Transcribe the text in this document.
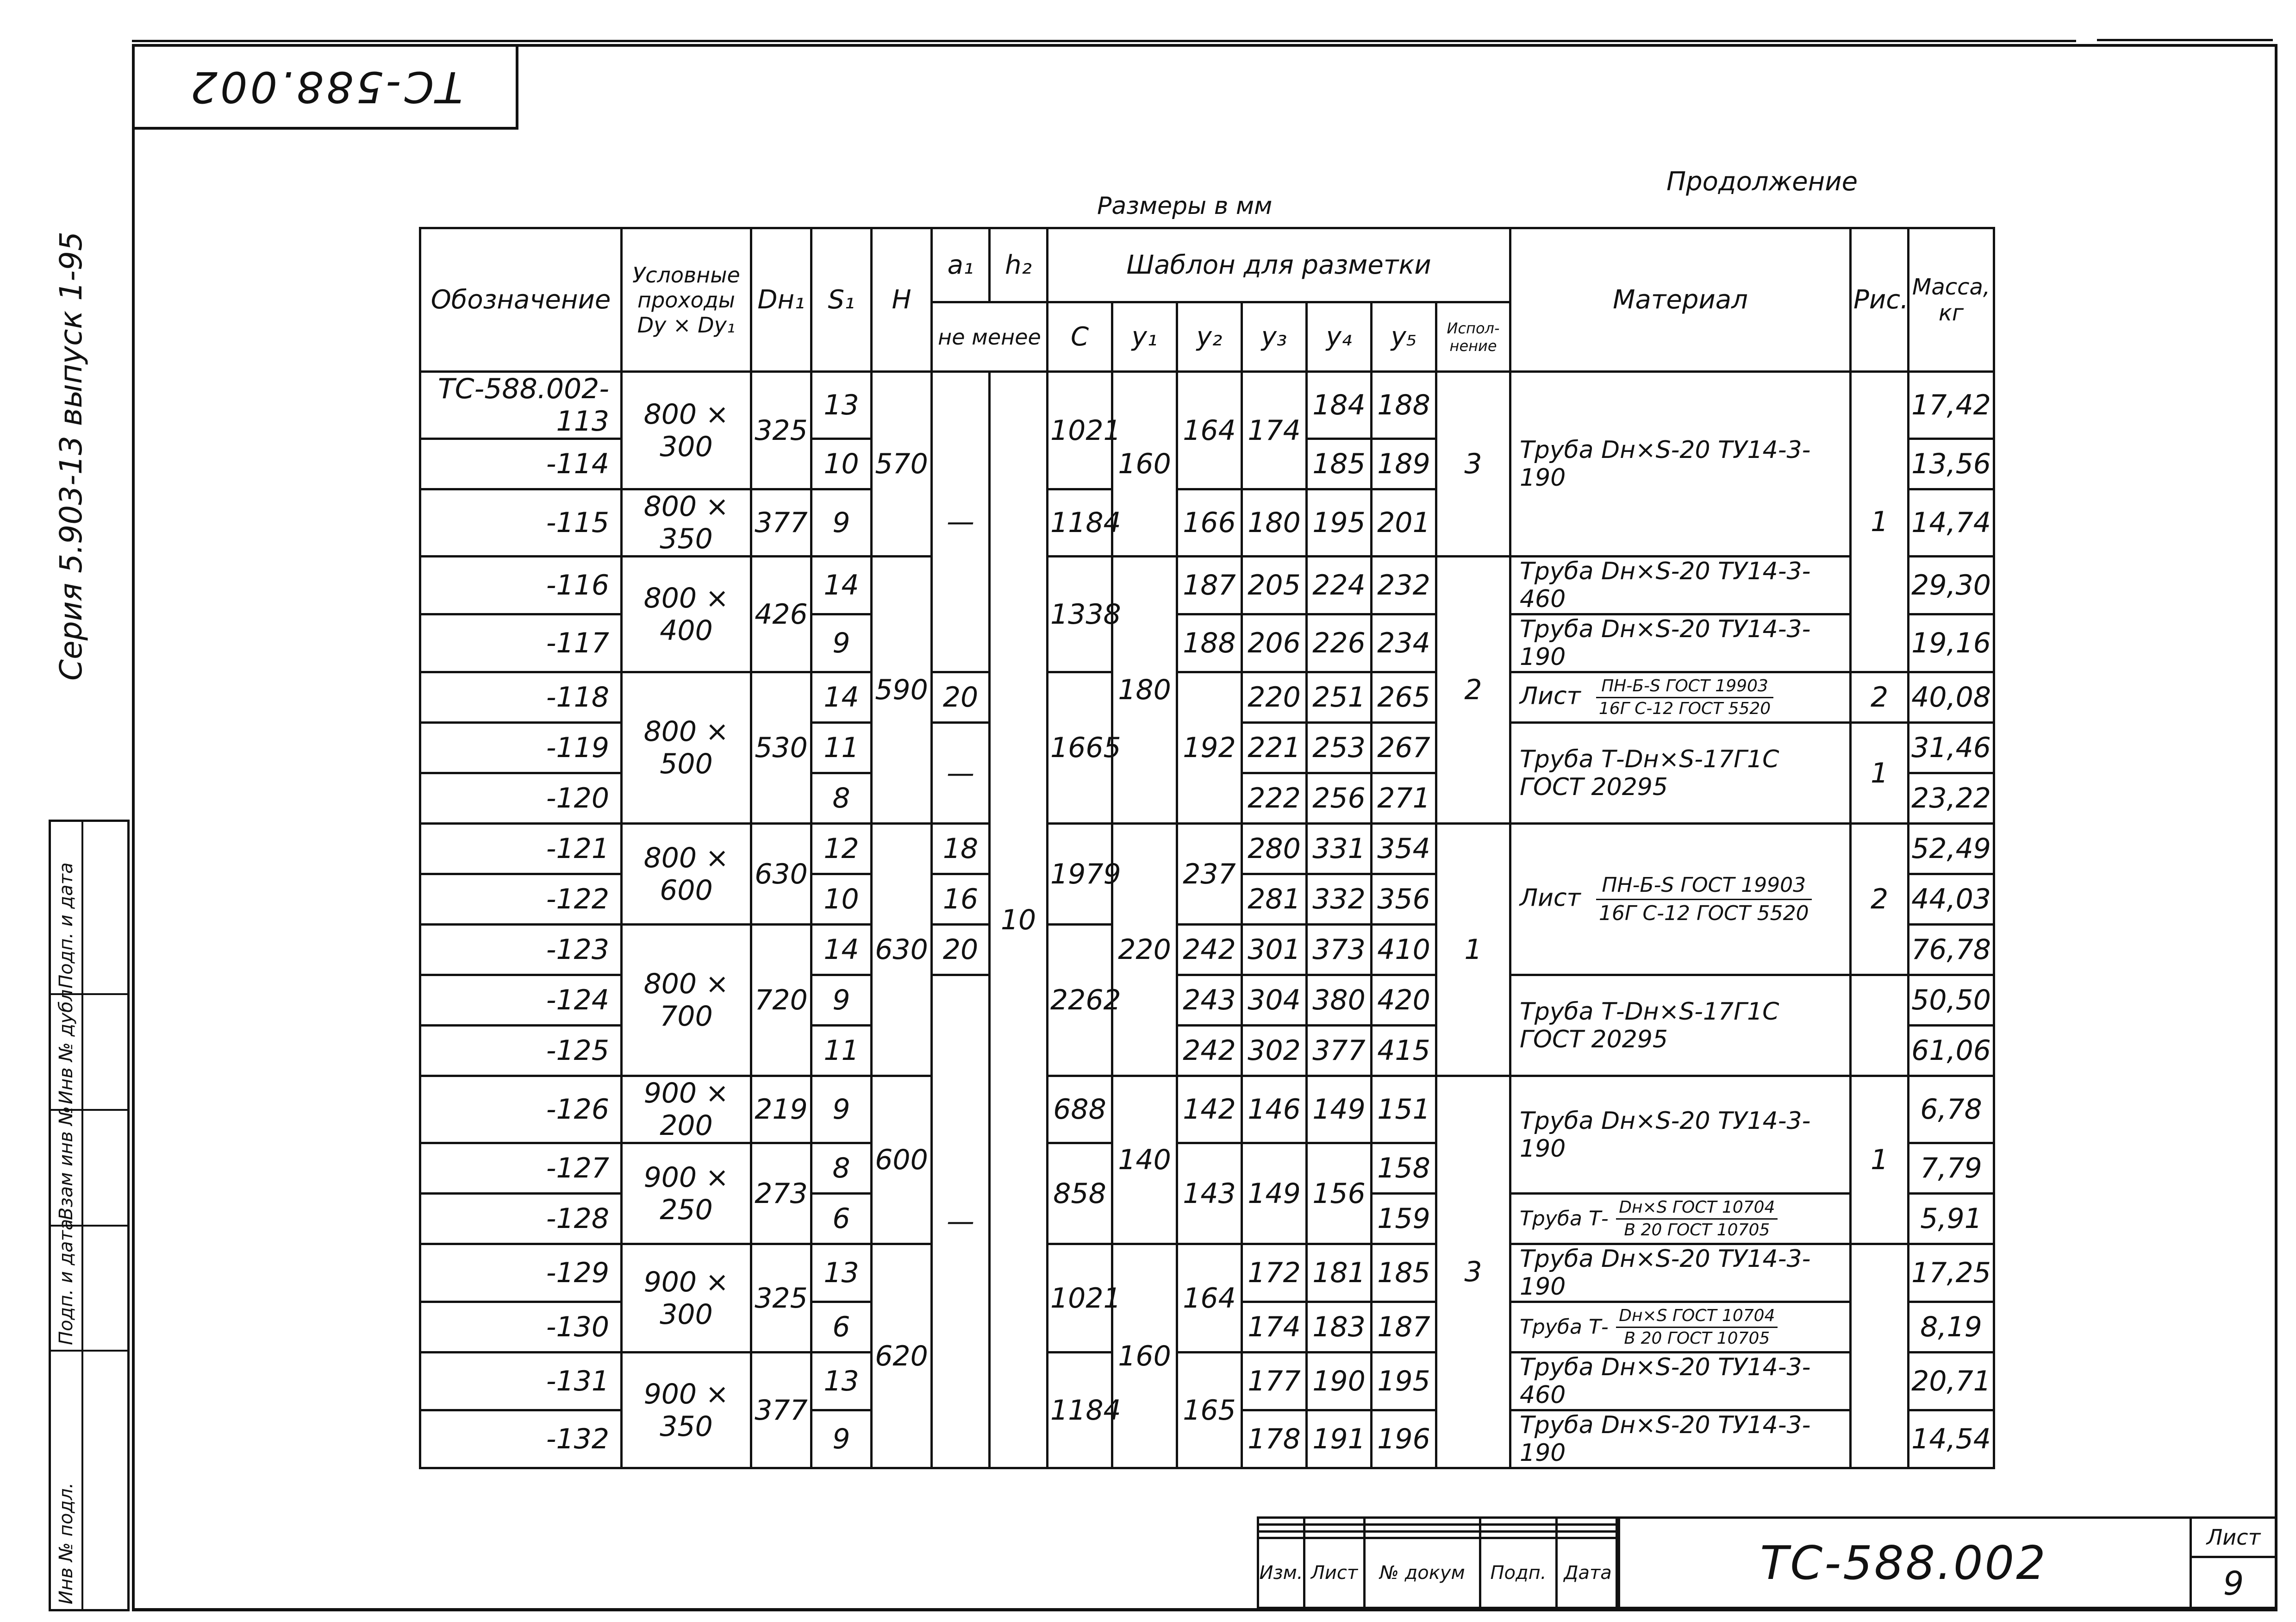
ТС-588.002
Серия 5.903-13 выпуск 1-95
Инв № подл.
Подп. и дата
Взам инв №
Инв № дубл
Подп. и дата
Продолжение
Размеры в мм
Обозначение	Условные проходы Dу × Dу₁	Dн₁	S₁	H	a₁	h₂	Шаблон для разметки							Материал	Рис.	Масса, кг
					не менее		C	y₁	y₂	y₃	y₄	y₅	Испол-нение			
ТС-588.002-113	800 × 300	325	13	570	—	10	1021	160	164	174	184	188	3	Труба Dн×S-20 ТУ14-3-190	1	17,42
-114			10								185	189				13,56
-115	800 × 350	377	9				1184		166	180	195	201				14,74
-116	800 × 400	426	14	590			1338	180	187	205	224	232	2	Труба Dн×S-20 ТУ14-3-460		29,30
-117			9						188	206	226	234		Труба Dн×S-20 ТУ14-3-190		19,16
-118	800 × 500	530	14		20		1665		192	220	251	265		Лист $\frac{\text{ПН-Б-S ГОСТ 19903}}{\text{16Г С-12 ГОСТ 5520}}$	2	40,08
-119			11		—					221	253	267		Труба Т-Dн×S-17Г1С ГОСТ 20295	1	31,46
-120			8							222	256	271				23,22
-121	800 × 600	630	12	630	18		1979	220	237	280	331	354	1	Лист $\frac{\text{ПН-Б-S ГОСТ 19903}}{\text{16Г С-12 ГОСТ 5520}}$	2	52,49
-122			10		16					281	332	356				44,03
-123	800 × 700	720	14		20		2262		242	301	373	410				76,78
-124			9		—				243	304	380	420		Труба Т-Dн×S-17Г1С ГОСТ 20295		50,50
-125			11						242	302	377	415				61,06
-126	900 × 200	219	9	600			688	140	142	146	149	151	3	Труба Dн×S-20 ТУ14-3-190	1	6,78
-127	900 × 250	273	8				858		143	149	156	158				7,79
-128			6									159		Труба $Т- \frac{\text{Dн×S ГОСТ 10704}}{\text{В 20 ГОСТ 10705}}$		5,91
-129	900 × 300	325	13	620			1021	160	164	172	181	185		Труба Dн×S-20 ТУ14-3-190		17,25
-130			6							174	183	187		Труба $Т- \frac{\text{Dн×S ГОСТ 10704}}{\text{В 20 ГОСТ 10705}}$		8,19
-131	900 × 350	377	13				1184		165	177	190	195		Труба Dн×S-20 ТУ14-3-460		20,71
-132			9							178	191	196		Труба Dн×S-20 ТУ14-3-190		14,54

Изм.	Лист	№ докум	Подп.	Дата	ТС-588.002	Лист
9
